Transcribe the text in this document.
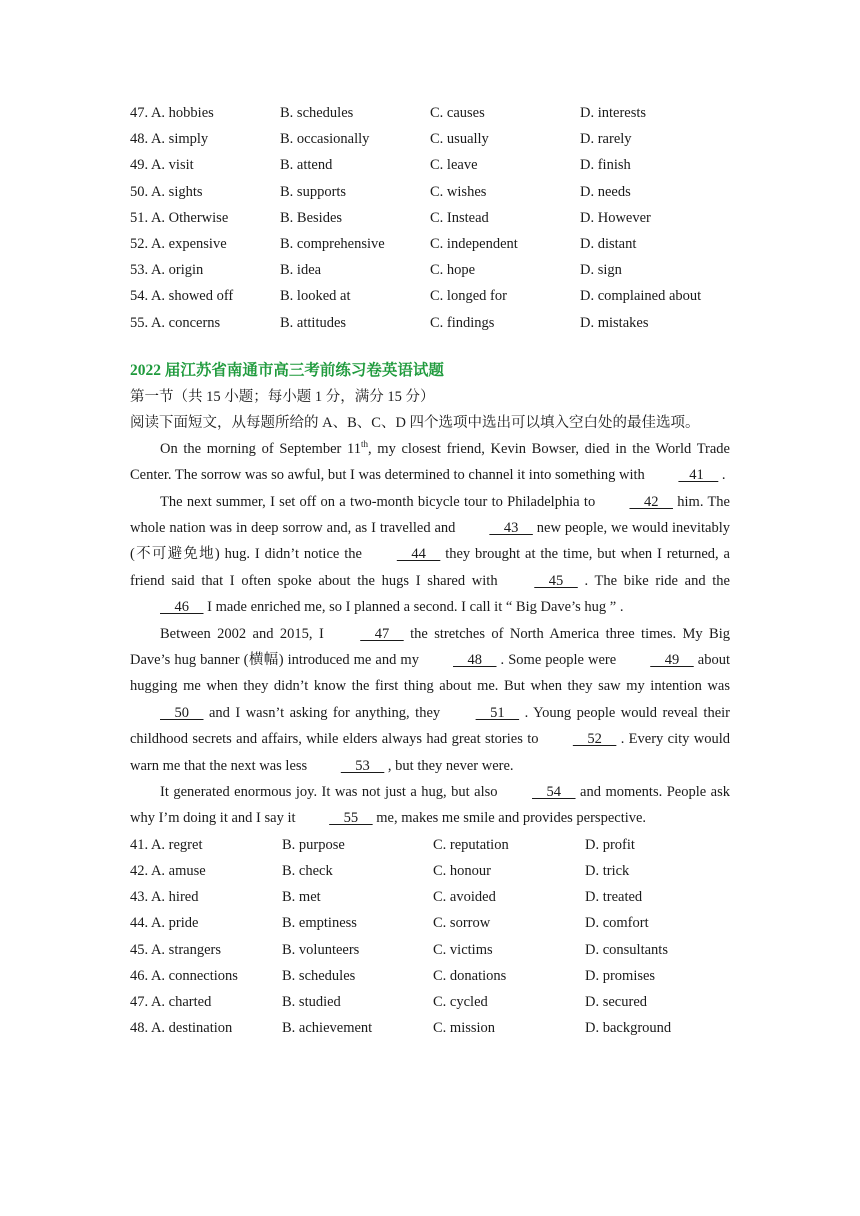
47. A. hobbies	B. schedules	C. causes	D. interests
48. A. simply	B. occasionally	C. usually	D. rarely
49. A. visit	B. attend	C. leave	D. finish
50. A. sights	B. supports	C. wishes	D. needs
51. A. Otherwise	B. Besides	C. Instead	D. However
52. A. expensive	B. comprehensive	C. independent	D. distant
53. A. origin	B. idea	C. hope	D. sign
54. A. showed off	B. looked at	C. longed for	D. complained about
55. A. concerns	B. attitudes	C. findings	D. mistakes
2022 届江苏省南通市高三考前练习卷英语试题
第一节（共 15 小题；每小题 1 分，满分 15 分）
阅读下面短文，从每题所给的 A、B、C、D 四个选项中选出可以填入空白处的最佳选项。
On the morning of September 11th, my closest friend, Kevin Bowser, died in the World Trade Center. The sorrow was so awful, but I was determined to channel it into something with    41     .
The next summer, I set off on a two-month bicycle tour to Philadelphia to     42     him. The whole nation was in deep sorrow and, as I travelled and     43     new people, we would inevitably (不可避免地) hug. I didn’t notice the     44     they brought at the time, but when I returned, a friend said that I often spoke about the hugs I shared with     45     . The bike ride and the     46     I made enriched me, so I planned a second. I call it “ Big Dave’s hug ” .
Between 2002 and 2015, I     47     the stretches of North America three times. My Big Dave’s hug banner (横幅) introduced me and my     48     . Some people were     49     about hugging me when they didn’t know the first thing about me. But when they saw my intention was     50     and I wasn’t asking for anything, they     51     . Young people would reveal their childhood secrets and affairs, while elders always had great stories to     52     . Every city would warn me that the next was less     53     , but they never were.
It generated enormous joy. It was not just a hug, but also     54     and moments. People ask why I’m doing it and I say it     55     me, makes me smile and provides perspective.
41. A. regret	B. purpose	C. reputation	D. profit
42. A. amuse	B. check	C. honour	D. trick
43. A. hired	B. met	C. avoided	D. treated
44. A. pride	B. emptiness	C. sorrow	D. comfort
45. A. strangers	B. volunteers	C. victims	D. consultants
46. A. connections	B. schedules	C. donations	D. promises
47. A. charted	B. studied	C. cycled	D. secured
48. A. destination	B. achievement	C. mission	D. background
